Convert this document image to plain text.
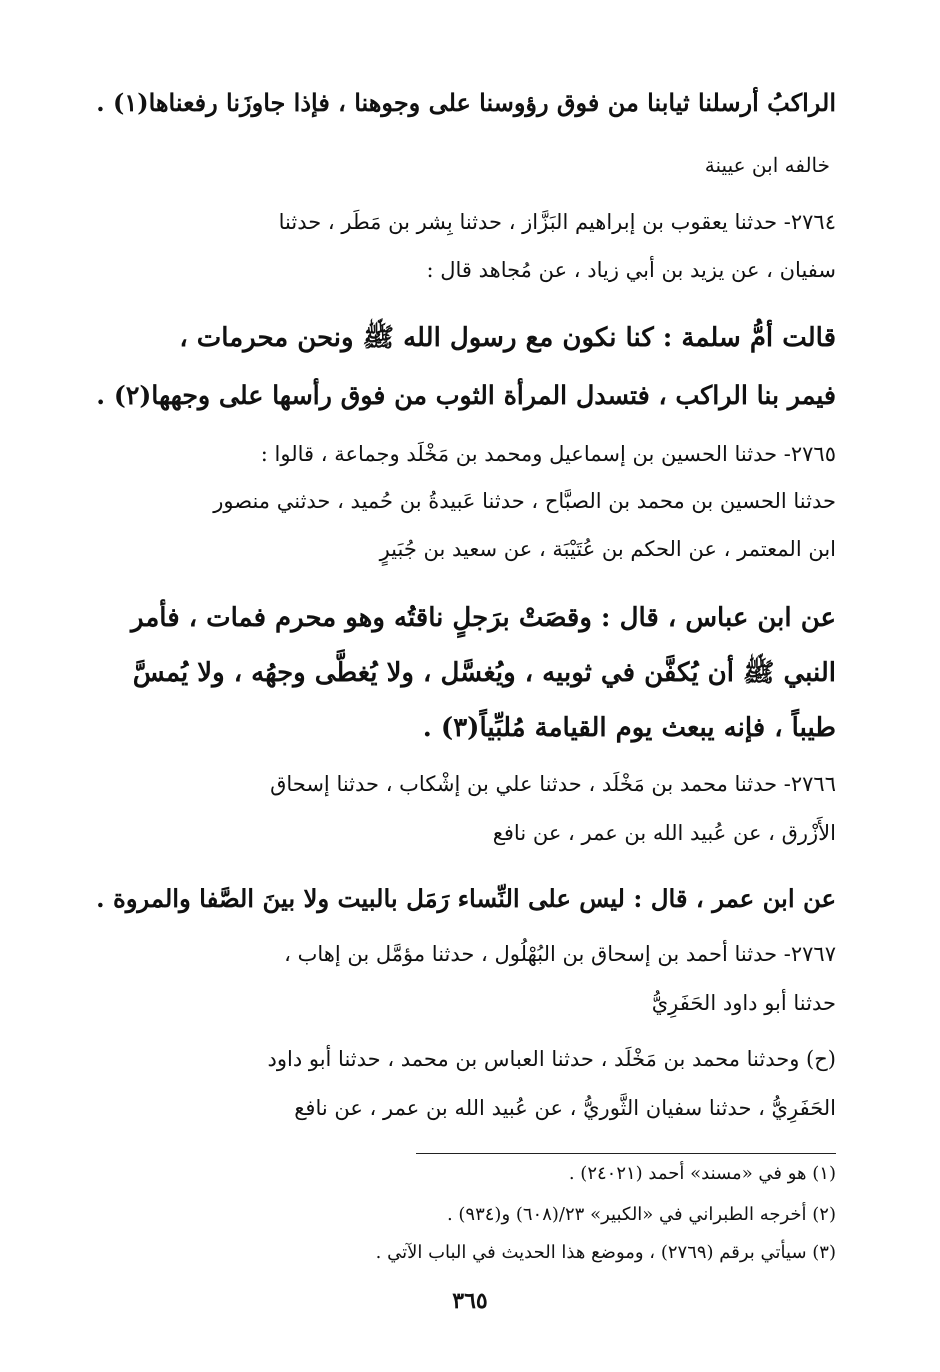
الراكبُ أرسلنا ثيابنا من فوق رؤوسنا على وجوهنا ، فإذا جاوزَنا رفعناها(١) .
خالفه ابن عيينة
٢٧٦٤- حدثنا يعقوب بن إبراهيم البَزَّاز ، حدثنا بِشر بن مَطَر ، حدثنا
سفيان ، عن يزيد بن أبي زياد ، عن مُجاهد قال :
قالت أمُّ سلمة : كنا نكون مع رسول الله ﷺ ونحن محرمات ،
فيمر بنا الراكب ، فتسدل المرأة الثوب من فوق رأسها على وجهها(٢) .
٢٧٦٥- حدثنا الحسين بن إسماعيل ومحمد بن مَخْلَد وجماعة ، قالوا :
حدثنا الحسين بن محمد بن الصبَّاح ، حدثنا عَبيدةُ بن حُميد ، حدثني منصور
ابن المعتمر ، عن الحكم بن عُتَيْبَة ، عن سعيد بن جُبَيرٍ
عن ابن عباس ، قال : وقصَتْ برَجلٍ ناقتُه وهو محرم فمات ، فأمر
النبي ﷺ أن يُكفَّن في ثوبيه ، ويُغسَّل ، ولا يُغطَّى وجهُه ، ولا يُمسَّ
طيباً ، فإنه يبعث يوم القيامة مُلبِّياً(٣) .
٢٧٦٦- حدثنا محمد بن مَخْلَد ، حدثنا علي بن إشْكاب ، حدثنا إسحاق
الأَزْرق ، عن عُبيد الله بن عمر ، عن نافع
عن ابن عمر ، قال : ليس على النِّساء رَمَل بالبيت ولا بينَ الصَّفا والمروة .
٢٧٦٧- حدثنا أحمد بن إسحاق بن البُهْلُول ، حدثنا مؤمَّل بن إهاب ،
حدثنا أبو داود الحَفَرِيُّ
(ح) وحدثنا محمد بن مَخْلَد ، حدثنا العباس بن محمد ، حدثنا أبو داود
الحَفَرِيُّ ، حدثنا سفيان الثَّوريُّ ، عن عُبيد الله بن عمر ، عن نافع
(١) هو في «مسند» أحمد (٢٤٠٢١) .
(٢) أخرجه الطبراني في «الكبير» ٢٣/(٦٠٨) و(٩٣٤) .
(٣) سيأتي برقم (٢٧٦٩) ، وموضع هذا الحديث في الباب الآتي .
٣٦٥
